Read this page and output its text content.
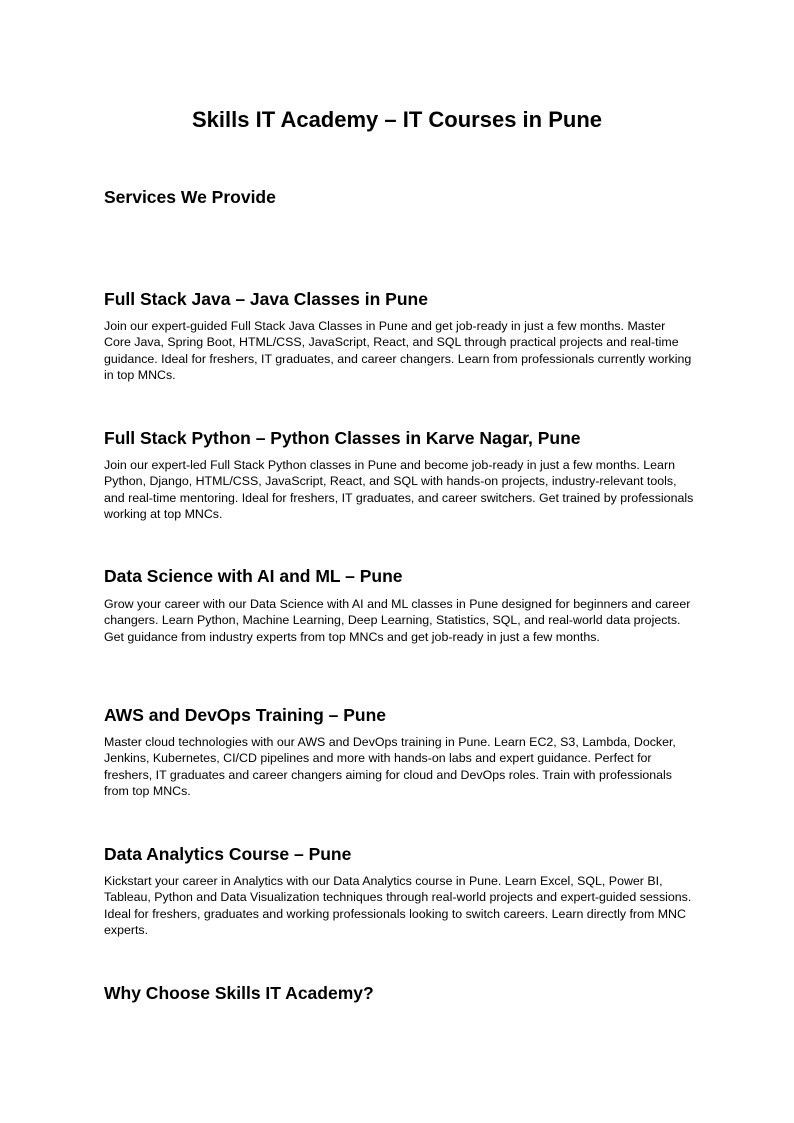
Skills IT Academy – IT Courses in Pune
Services We Provide
Full Stack Java – Java Classes in Pune

Join our expert-guided Full Stack Java Classes in Pune and get job-ready in just a few months. Master Core Java, Spring Boot, HTML/CSS, JavaScript, React, and SQL through practical projects and real-time guidance. Ideal for freshers, IT graduates, and career changers. Learn from professionals currently working in top MNCs.

Full Stack Python – Python Classes in Karve Nagar, Pune

Join our expert-led Full Stack Python classes in Pune and become job-ready in just a few months. Learn Python, Django, HTML/CSS, JavaScript, React, and SQL with hands-on projects, industry-relevant tools, and real-time mentoring. Ideal for freshers, IT graduates, and career switchers. Get trained by professionals working at top MNCs.

Data Science with AI and ML – Pune

Grow your career with our Data Science with AI and ML classes in Pune designed for beginners and career changers. Learn Python, Machine Learning, Deep Learning, Statistics, SQL, and real-world data projects. Get guidance from industry experts from top MNCs and get job-ready in just a few months.

AWS and DevOps Training – Pune

Master cloud technologies with our AWS and DevOps training in Pune. Learn EC2, S3, Lambda, Docker, Jenkins, Kubernetes, CI/CD pipelines and more with hands-on labs and expert guidance. Perfect for freshers, IT graduates and career changers aiming for cloud and DevOps roles. Train with professionals from top MNCs.

Data Analytics Course – Pune

Kickstart your career in Analytics with our Data Analytics course in Pune. Learn Excel, SQL, Power BI, Tableau, Python and Data Visualization techniques through real-world projects and expert-guided sessions. Ideal for freshers, graduates and working professionals looking to switch careers. Learn directly from MNC experts.

Why Choose Skills IT Academy?
